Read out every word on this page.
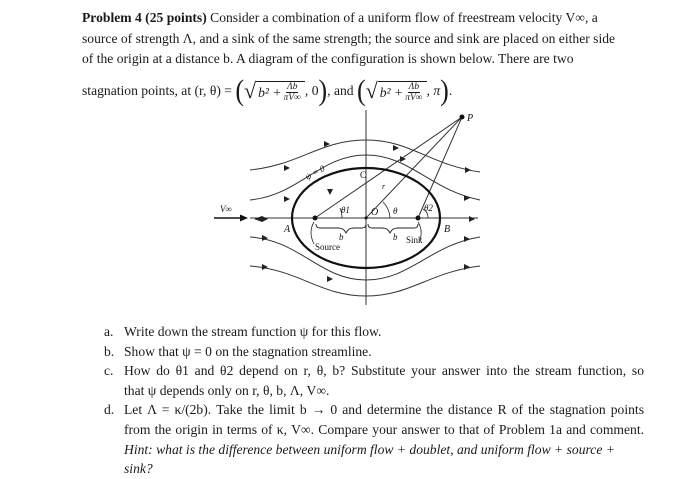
Problem 4 (25 points) Consider a combination of a uniform flow of freestream velocity V∞, a
source of strength Λ, and a sink of the same strength; the source and sink are placed on either side
of the origin at a distance b. A diagram of the configuration is shown below. There are two
stagnation points, at (r, θ) =
( √ $b^2 + \frac{\Lambda b}{\pi V\infty}$ , 0 ) , and
( √ $b^2 + \frac{\Lambda b}{\pi V\infty}$ , π ) .
P
ψ = 0	C
r
θ1 O θ	θ2
V∞
A	B
b	b
Source
Sink
a. Write down the stream function ψ for this flow.
b. Show that ψ = 0 on the stagnation streamline.
c. How do θ1 and θ2 depend on r, θ, b? Substitute your answer into the stream function, so
that ψ depends only on r, θ, b, Λ, V∞.
d. Let Λ = κ/(2b). Take the limit b → 0 and determine the distance R of the stagnation points
from the origin in terms of κ, V∞. Compare your answer to that of Problem 1a and comment.
Hint: what is the difference between uniform flow + doublet, and uniform flow + source +
sink?
